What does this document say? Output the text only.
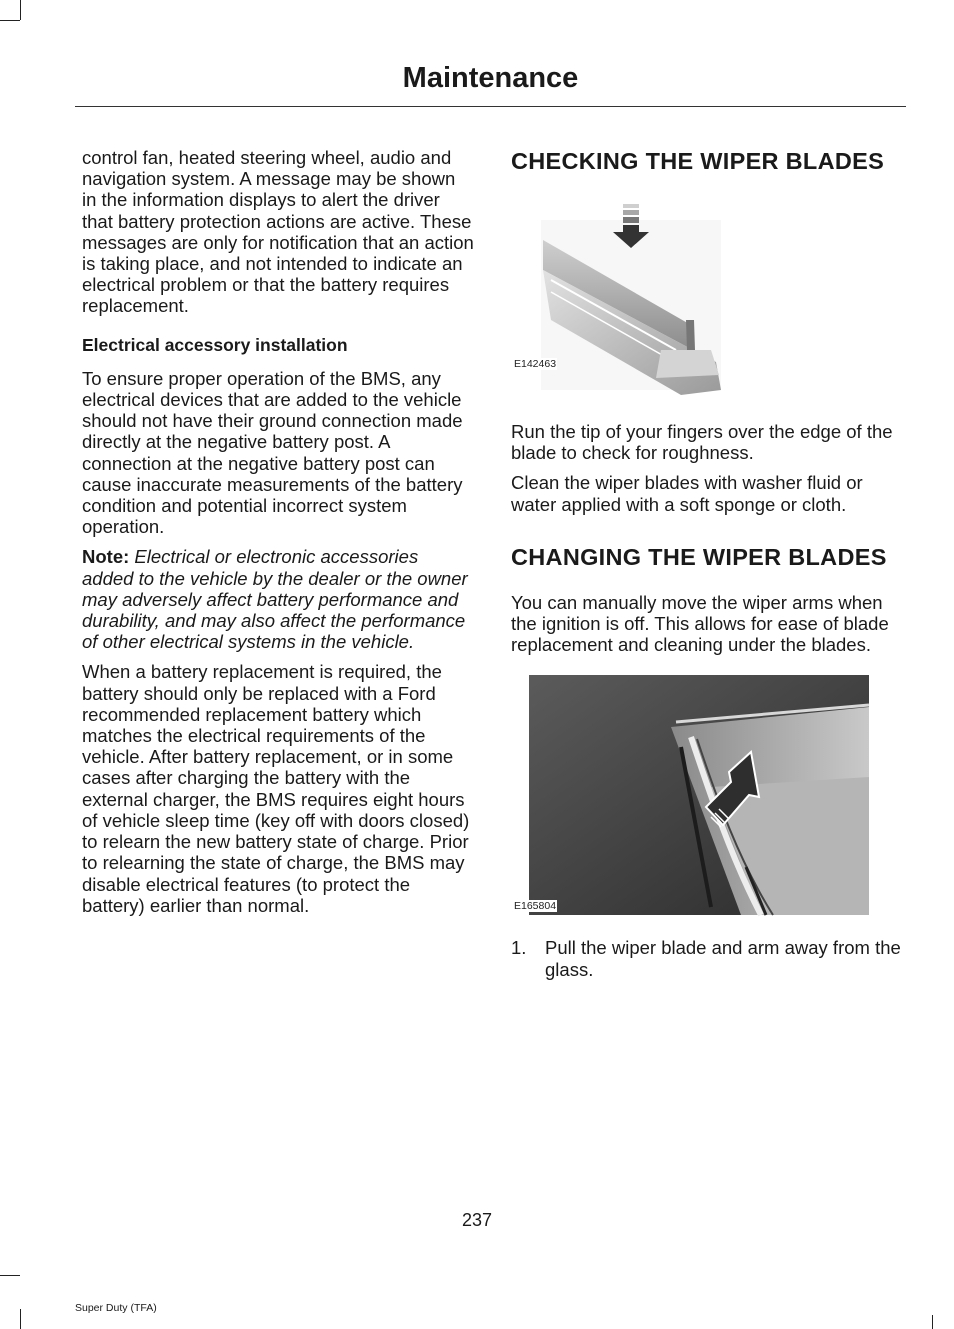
Maintenance

control fan, heated steering wheel, audio and navigation system. A message may be shown in the information displays to alert the driver that battery protection actions are active. These messages are only for notification that an action is taking place, and not intended to indicate an electrical problem or that the battery requires replacement.

Electrical accessory installation

To ensure proper operation of the BMS, any electrical devices that are added to the vehicle should not have their ground connection made directly at the negative battery post. A connection at the negative battery post can cause inaccurate measurements of the battery condition and potential incorrect system operation.

Note: Electrical or electronic accessories added to the vehicle by the dealer or the owner may adversely affect battery performance and durability, and may also affect the performance of other electrical systems in the vehicle.

When a battery replacement is required, the battery should only be replaced with a Ford recommended replacement battery which matches the electrical requirements of the vehicle. After battery replacement, or in some cases after charging the battery with the external charger, the BMS requires eight hours of vehicle sleep time (key off with doors closed) to relearn the new battery state of charge. Prior to relearning the state of charge, the BMS may disable electrical features (to protect the battery) earlier than normal.

CHECKING THE WIPER BLADES
E142463

Run the tip of your fingers over the edge of the blade to check for roughness.

Clean the wiper blades with washer fluid or water applied with a soft sponge or cloth.

CHANGING THE WIPER BLADES

You can manually move the wiper arms when the ignition is off. This allows for ease of blade replacement and cleaning under the blades.

E165804
1.	Pull the wiper blade and arm away from the glass.
237
Super Duty (TFA)
